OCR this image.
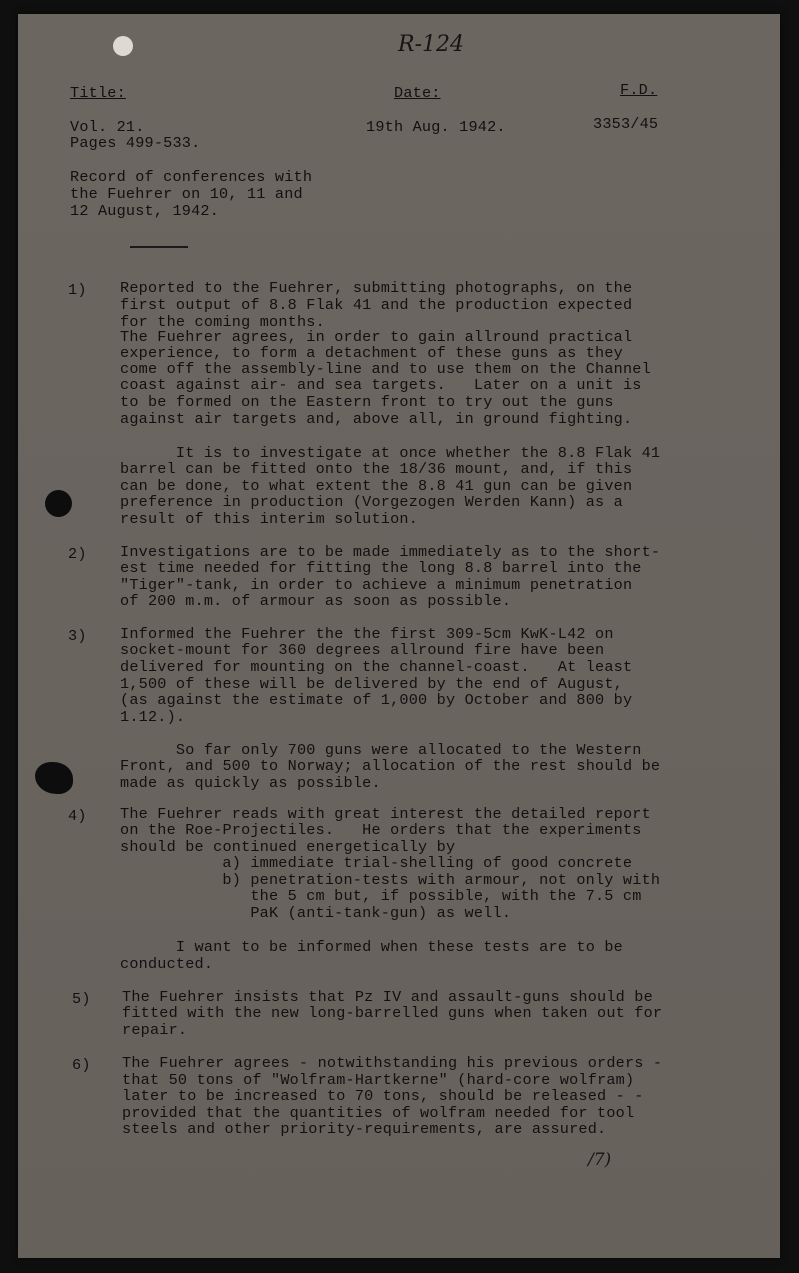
R-124
Title:	Date:	F.D.
Vol. 21.
Pages 499-533.
19th Aug. 1942.	3353/45
Record of conferences with
the Fuehrer on 10, 11 and
12 August, 1942.
1) Reported to the Fuehrer, submitting photographs, on the
first output of 8.8 Flak 41 and the production expected
for the coming months.
The Fuehrer agrees, in order to gain allround practical
experience, to form a detachment of these guns as they
come off the assembly-line and to use them on the Channel
coast against air- and sea targets.   Later on a unit is
to be formed on the Eastern front to try out the guns
against air targets and, above all, in ground fighting.
It is to investigate at once whether the 8.8 Flak 41
barrel can be fitted onto the 18/36 mount, and, if this
can be done, to what extent the 8.8 41 gun can be given
preference in production (Vorgezogen Werden Kann) as a
result of this interim solution.
2) Investigations are to be made immediately as to the short-
est time needed for fitting the long 8.8 barrel into the
"Tiger"-tank, in order to achieve a minimum penetration
of 200 m.m. of armour as soon as possible.
3) Informed the Fuehrer the the first 309-5cm KwK-L42 on
socket-mount for 360 degrees allround fire have been
delivered for mounting on the channel-coast.   At least
1,500 of these will be delivered by the end of August,
(as against the estimate of 1,000 by October and 800 by
1.12.).
So far only 700 guns were allocated to the Western
Front, and 500 to Norway; allocation of the rest should be
made as quickly as possible.
4) The Fuehrer reads with great interest the detailed report
on the Roe-Projectiles.   He orders that the experiments
should be continued energetically by
a) immediate trial-shelling of good concrete
b) penetration-tests with armour, not only with
the 5 cm but, if possible, with the 7.5 cm
PaK (anti-tank-gun) as well.
I want to be informed when these tests are to be
conducted.
5) The Fuehrer insists that Pz IV and assault-guns should be
fitted with the new long-barrelled guns when taken out for
repair.
6) The Fuehrer agrees - notwithstanding his previous orders -
that 50 tons of "Wolfram-Hartkerne" (hard-core wolfram)
later to be increased to 70 tons, should be released - -
provided that the quantities of wolfram needed for tool
steels and other priority-requirements, are assured.
/7)
